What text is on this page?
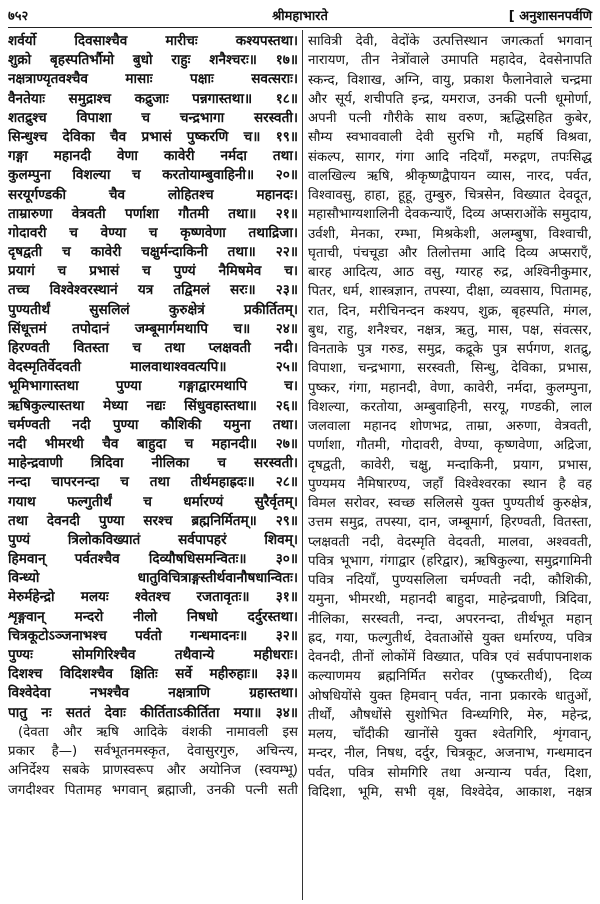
७५२	श्रीमहाभारते	[ अनुशासनपर्वणि
शर्वर्यो दिवसाश्चैव मारीचः कश्यपस्तथा।
शुक्रो बृहस्पतिर्भौमो बुधो राहुः शनैश्चरः॥ १७॥
नक्षत्राण्यृतवश्चैव मासाः पक्षाः सवत्सराः।
वैनतेयाः समुद्राश्च कद्रुजाः पन्नगास्तथा॥ १८॥
शतद्रुश्च विपाशा च चन्द्रभागा सरस्वती।
सिन्धुश्च देविका चैव प्रभासं पुष्करणि च॥ १९॥
गङ्गा महानदी वेणा कावेरी नर्मदा तथा।
कुलम्पुना विशल्या च करतोयाम्बुवाहिनी॥ २०॥
सरयूर्गण्डकी चैव लोहितश्च महानदः।
ताम्रारुणा वेत्रवती पर्णाशा गौतमी तथा॥ २१॥
गोदावरी च वेण्या च कृष्णवेणा तथाद्रिजा।
दृषद्वती च कावेरी चक्षुर्मन्दाकिनी तथा॥ २२॥
प्रयागं च प्रभासं च पुण्यं नैमिषमेव च।
तच्च विश्वेश्वरस्थानं यत्र तद्विमलं सरः॥ २३॥
पुण्यतीर्थं सुसलिलं कुरुक्षेत्रं प्रकीर्तितम्।
सिंधूत्तमं तपोदानं जम्बूमार्गमथापि च॥ २४॥
हिरण्वती वितस्ता च तथा प्लक्षवती नदी।
वेदस्मृतिर्वेदवती मालवाथाश्ववत्यपि॥ २५॥
भूमिभागास्तथा पुण्या गङ्गाद्वारमथापि च।
ऋषिकुल्यास्तथा मेध्या नद्यः सिंधुवहास्तथा॥ २६॥
चर्मण्वती नदी पुण्या कौशिकी यमुना तथा।
नदी भीमरथी चैव बाहुदा च महानदी॥ २७॥
माहेन्द्रवाणी त्रिदिवा नीलिका च सरस्वती।
नन्दा चापरनन्दा च तथा तीर्थमहाह्रदः॥ २८॥
गयाथ फल्गुतीर्थं च धर्मारण्यं सुरैर्वृतम्।
तथा देवनदी पुण्या सरश्च ब्रह्मनिर्मितम्॥ २९॥
पुण्यं त्रिलोकविख्यातं सर्वपापहरं शिवम्।
हिमवान् पर्वतश्चैव दिव्यौषधिसमन्वितः॥ ३०॥
विन्ध्यो धातुविचित्राङ्गस्तीर्थवानौषधान्वितः।
मेरुर्महेन्द्रो मलयः श्वेतश्च रजतावृतः॥ ३१॥
शृङ्गवान् मन्दरो नीलो निषधो दर्दुरस्तथा।
चित्रकूटोऽञ्जनाभश्च पर्वतो गन्धमादनः॥ ३२॥
पुण्यः सोमगिरिश्चैव तथैवान्ये महीधराः।
दिशश्च विदिशश्चैव क्षितिः सर्वे महीरुहाः॥ ३३॥
विश्वेदेवा नभश्चैव नक्षत्राणि ग्रहास्तथा।
पातु नः सततं देवाः कीर्तिताऽकीर्तिता मया॥ ३४॥
(देवता और ऋषि आदिके वंशकी नामावली इस
प्रकार है—) सर्वभूतनमस्कृत, देवासुरगुरु, अचिन्त्य,
अनिर्देश्य सबके प्राणस्वरूप और अयोनिज (स्वयम्भू)
जगदीश्वर पितामह भगवान् ब्रह्माजी, उनकी पत्नी सती
सावित्री देवी, वेदोंके उत्पत्तिस्थान जगत्कर्ता भगवान्
नारायण, तीन नेत्रोंवाले उमापति महादेव, देवसेनापति
स्कन्द, विशाख, अग्नि, वायु, प्रकाश फैलानेवाले चन्द्रमा
और सूर्य, शचीपति इन्द्र, यमराज, उनकी पत्नी धूमोर्णा,
अपनी पत्नी गौरीके साथ वरुण, ऋद्धिसहित कुबेर,
सौम्य स्वभाववाली देवी सुरभि गौ, महर्षि विश्रवा,
संकल्प, सागर, गंगा आदि नदियाँ, मरुद्गण, तपःसिद्ध
वालखिल्य ऋषि, श्रीकृष्णद्वैपायन व्यास, नारद, पर्वत,
विश्वावसु, हाहा, हूहू, तुम्बुरु, चित्रसेन, विख्यात देवदूत,
महासौभाग्यशालिनी देवकन्याएँ, दिव्य अप्सराओंके समुदाय,
उर्वशी, मेनका, रम्भा, मिश्रकेशी, अलम्बुषा, विश्वाची,
घृताची, पंचचूडा और तिलोत्तमा आदि दिव्य अप्सराएँ,
बारह आदित्य, आठ वसु, ग्यारह रुद्र, अश्विनीकुमार,
पितर, धर्म, शास्त्रज्ञान, तपस्या, दीक्षा, व्यवसाय, पितामह,
रात, दिन, मरीचिनन्दन कश्यप, शुक्र, बृहस्पति, मंगल,
बुध, राहु, शनैश्चर, नक्षत्र, ऋतु, मास, पक्ष, संवत्सर,
विनताके पुत्र गरुड, समुद्र, कद्रूके पुत्र सर्पगण, शतद्रु,
विपाशा, चन्द्रभागा, सरस्वती, सिन्धु, देविका, प्रभास,
पुष्कर, गंगा, महानदी, वेणा, कावेरी, नर्मदा, कुलम्पुना,
विशल्या, करतोया, अम्बुवाहिनी, सरयू, गण्डकी, लाल
जलवाला महानद शोणभद्र, ताम्रा, अरुणा, वेत्रवती,
पर्णाशा, गौतमी, गोदावरी, वेण्या, कृष्णवेणा, अद्रिजा,
दृषद्वती, कावेरी, चक्षु, मन्दाकिनी, प्रयाग, प्रभास,
पुण्यमय नैमिषारण्य, जहाँ विश्वेश्वरका स्थान है वह
विमल सरोवर, स्वच्छ सलिलसे युक्त पुण्यतीर्थ कुरुक्षेत्र,
उत्तम समुद्र, तपस्या, दान, जम्बूमार्ग, हिरण्वती, वितस्ता,
प्लक्षवती नदी, वेदस्मृति वेदवती, मालवा, अश्ववती,
पवित्र भूभाग, गंगाद्वार (हरिद्वार), ऋषिकुल्या, समुद्रगामिनी
पवित्र नदियाँ, पुण्यसलिला चर्मण्वती नदी, कौशिकी,
यमुना, भीमरथी, महानदी बाहुदा, माहेन्द्रवाणी, त्रिदिवा,
नीलिका, सरस्वती, नन्दा, अपरनन्दा, तीर्थभूत महान्
ह्रद, गया, फल्गुतीर्थ, देवताओंसे युक्त धर्मारण्य, पवित्र
देवनदी, तीनों लोकोंमें विख्यात, पवित्र एवं सर्वपापनाशक
कल्याणमय ब्रह्मनिर्मित सरोवर (पुष्करतीर्थ), दिव्य
ओषधियोंसे युक्त हिमवान् पर्वत, नाना प्रकारके धातुओं,
तीर्थों, औषधोंसे सुशोभित विन्ध्यगिरि, मेरु, महेन्द्र,
मलय, चाँदीकी खानोंसे युक्त श्वेतगिरि, शृंगवान्,
मन्दर, नील, निषध, दर्दुर, चित्रकूट, अजनाभ, गन्धमादन
पर्वत, पवित्र सोमगिरि तथा अन्यान्य पर्वत, दिशा,
विदिशा, भूमि, सभी वृक्ष, विश्वेदेव, आकाश, नक्षत्र
